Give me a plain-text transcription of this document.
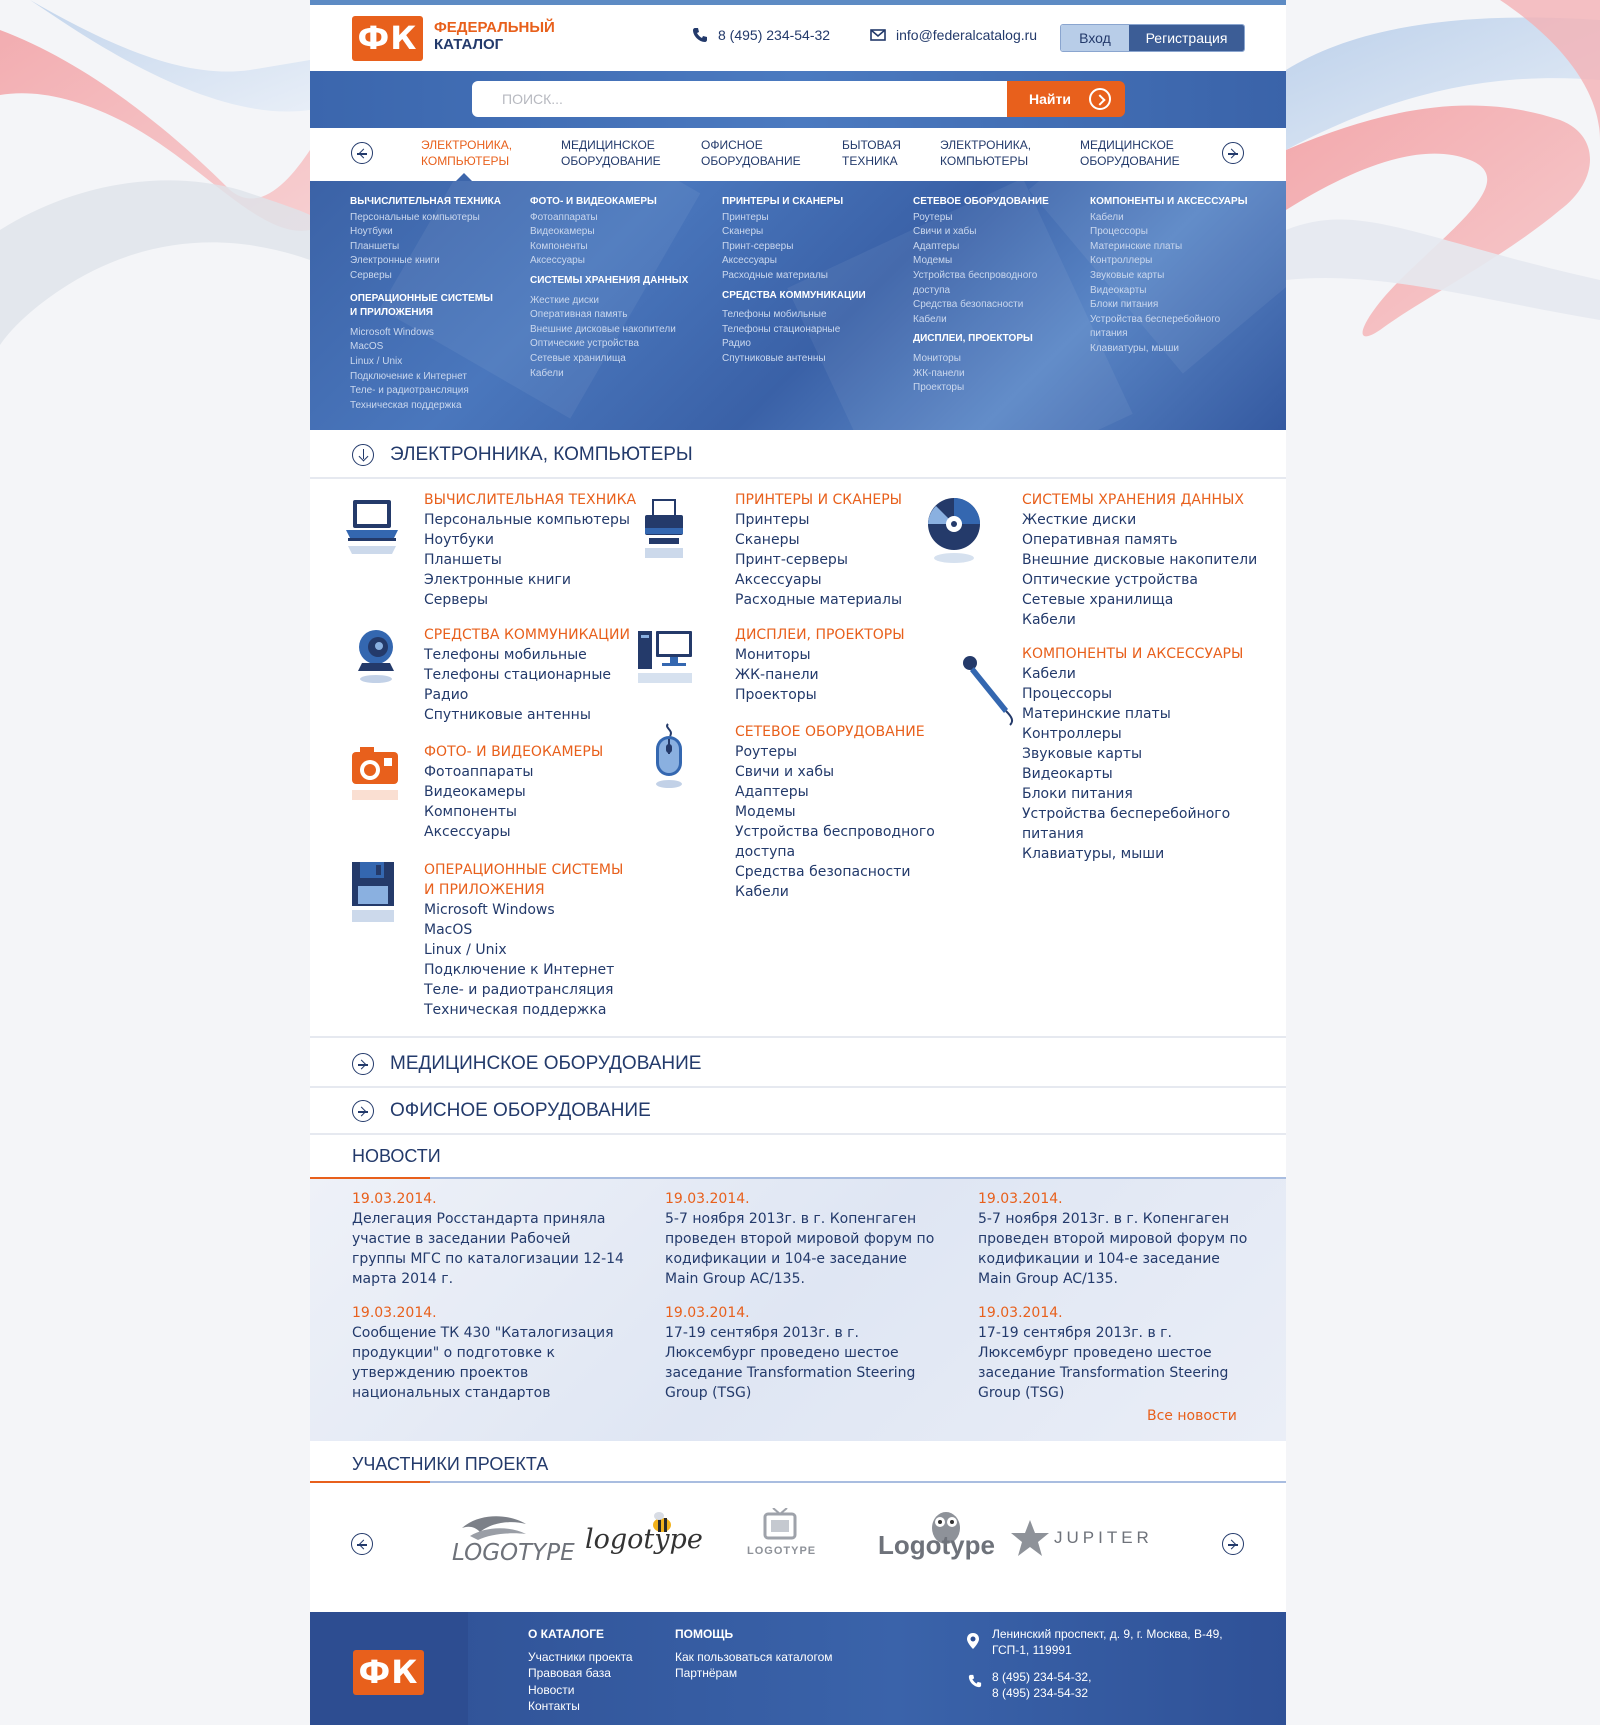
ФК	ФЕДЕРАЛЬНЫЙ
КАТАЛОГ
8 (495) 234-54-32	info@federalcatalog.ru	Вход	Регистрация
ПОИСК...
Найти
ЭЛЕКТРОНИКА, КОМПЬЮТЕРЫ
МЕДИЦИНСКОЕ ОБОРУДОВАНИЕ
ОФИСНОЕ ОБОРУДОВАНИЕ
БЫТОВАЯ ТЕХНИКА
ЭЛЕКТРОНИКА, КОМПЬЮТЕРЫ
МЕДИЦИНСКОЕ ОБОРУДОВАНИЕ
ВЫЧИСЛИТЕЛЬНАЯ ТЕХНИКА
Персональные компьютеры
Ноутбуки
Планшеты
Электронные книги
Серверы
ОПЕРАЦИОННЫЕ СИСТЕМЫ И ПРИЛОЖЕНИЯ
Microsoft Windows
MacOS
Linux / Unix
Подключение к Интернет
Теле- и радиотрансляция
Техническая поддержка
ФОТО- И ВИДЕОКАМЕРЫ
Фотоаппараты
Видеокамеры
Компоненты
Аксессуары
СИСТЕМЫ ХРАНЕНИЯ ДАННЫХ
Жесткие диски
Оперативная память
Внешние дисковые накопители
Оптические устройства
Сетевые хранилища
Кабели
ПРИНТЕРЫ И СКАНЕРЫ
Принтеры
Сканеры
Принт-серверы
Аксессуары
Расходные материалы
СРЕДСТВА КОММУНИКАЦИИ
Телефоны мобильные
Телефоны стационарные
Радио
Спутниковые антенны
СЕТЕВОЕ ОБОРУДОВАНИЕ
Роутеры
Свичи и хабы
Адаптеры
Модемы
Устройства беспроводного
доступа
Средства безопасности
Кабели
ДИСПЛЕИ, ПРОЕКТОРЫ
Мониторы
ЖК-панели
Проекторы
КОМПОНЕНТЫ И АКСЕССУАРЫ
Кабели
Процессоры
Материнские платы
Контроллеры
Звуковые карты
Видеокарты
Блоки питания
Устройства бесперебойного
питания
Клавиатуры, мыши
ЭЛЕКТРОННИКА, КОМПЬЮТЕРЫ
ВЫЧИСЛИТЕЛЬНАЯ ТЕХНИКА
Персональные компьютеры
Ноутбуки
Планшеты
Электронные книги
Серверы
СРЕДСТВА КОММУНИКАЦИИ
Телефоны мобильные
Телефоны стационарные
Радио
Спутниковые антенны
ФОТО- И ВИДЕОКАМЕРЫ
Фотоаппараты
Видеокамеры
Компоненты
Аксессуары
ОПЕРАЦИОННЫЕ СИСТЕМЫ
И ПРИЛОЖЕНИЯ
Microsoft Windows
MacOS
Linux / Unix
Подключение к Интернет
Теле- и радиотрансляция
Техническая поддержка
ПРИНТЕРЫ И СКАНЕРЫ
Принтеры
Сканеры
Принт-серверы
Аксессуары
Расходные материалы
ДИСПЛЕИ, ПРОЕКТОРЫ
Мониторы
ЖК-панели
Проекторы
СЕТЕВОЕ ОБОРУДОВАНИЕ
Роутеры
Свичи и хабы
Адаптеры
Модемы
Устройства беспроводного
доступа
Средства безопасности
Кабели
СИСТЕМЫ ХРАНЕНИЯ ДАННЫХ
Жесткие диски
Оперативная память
Внешние дисковые накопители
Оптические устройства
Сетевые хранилища
Кабели
КОМПОНЕНТЫ И АКСЕССУАРЫ
Кабели
Процессоры
Материнские платы
Контроллеры
Звуковые карты
Видеокарты
Блоки питания
Устройства бесперебойного
питания
Клавиатуры, мыши
МЕДИЦИНСКОЕ ОБОРУДОВАНИЕ
ОФИСНОЕ ОБОРУДОВАНИЕ
НОВОСТИ
19.03.2014.
Делегация Росстандарта приняла участие в заседании Рабочей группы МГС по каталогизации 12-14 марта 2014 г.
19.03.2014.
5-7 ноября 2013г. в г. Копенгаген проведен второй мировой форум по кодификации и 104-е заседание Main Group AC/135.
19.03.2014.
5-7 ноября 2013г. в г. Копенгаген проведен второй мировой форум по кодификации и 104-е заседание Main Group AC/135.
19.03.2014.
Сообщение ТК 430 "Каталогизация продукции" о подготовке к утверждению проектов национальных стандартов
19.03.2014.
17-19 сентября 2013г. в г. Люксембург проведено шестое заседание Transformation Steering Group (TSG)
19.03.2014.
17-19 сентября 2013г. в г. Люксембург проведено шестое заседание Transformation Steering Group (TSG)
Все новости
УЧАСТНИКИ ПРОЕКТА
LOGOTYPE logotype	LOGOTYPE Logotype	JUPITER
ФК
О КАТАЛОГЕ
Участники проекта
Правовая база
Новости
Контакты
ПОМОЩЬ
Как пользоваться каталогом
Партнёрам
Ленинский проспект, д. 9, г. Москва, В-49,
ГСП-1, 119991
8 (495) 234-54-32,
8 (495) 234-54-32
